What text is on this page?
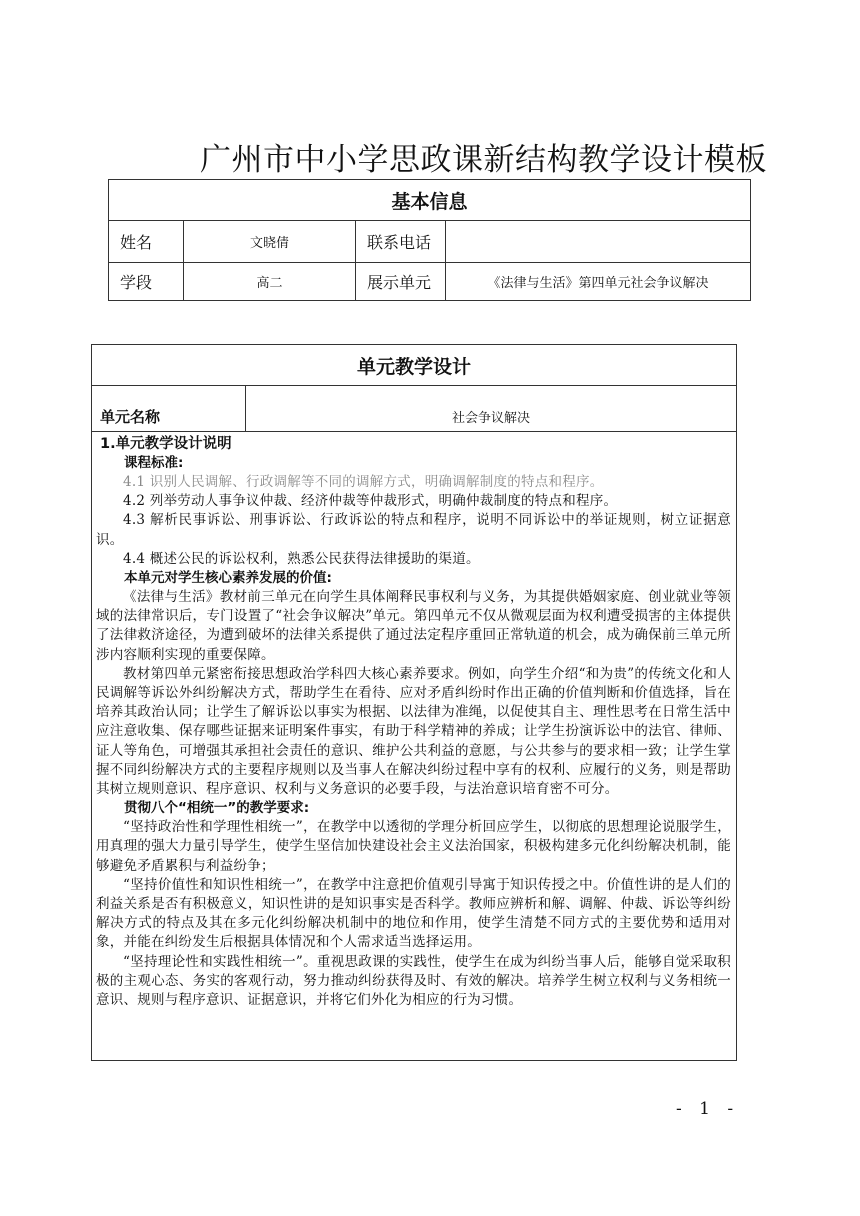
广州市中小学思政课新结构教学设计模板
基本信息			
姓名	文晓倩	联系电话	
学段	高二	展示单元	《法律与生活》第四单元社会争议解决
单元教学设计
单元名称	社会争议解决

1.单元教学设计说明
课程标准:

4.1 识别人民调解、行政调解等不同的调解方式，明确调解制度的特点和程序。

4.2 列举劳动人事争议仲裁、经济仲裁等仲裁形式，明确仲裁制度的特点和程序。

4.3 解析民事诉讼、刑事诉讼、行政诉讼的特点和程序，说明不同诉讼中的举证规则，树立证据意识。

4.4 概述公民的诉讼权利，熟悉公民获得法律援助的渠道。

本单元对学生核心素养发展的价值:

《法律与生活》教材前三单元在向学生具体阐释民事权利与义务，为其提供婚姻家庭、创业就业等领域的法律常识后，专门设置了“社会争议解决”单元。第四单元不仅从微观层面为权利遭受损害的主体提供了法律救济途径，为遭到破坏的法律关系提供了通过法定程序重回正常轨道的机会，成为确保前三单元所涉内容顺利实现的重要保障。

教材第四单元紧密衔接思想政治学科四大核心素养要求。例如，向学生介绍“和为贵”的传统文化和人民调解等诉讼外纠纷解决方式，帮助学生在看待、应对矛盾纠纷时作出正确的价值判断和价值选择，旨在培养其政治认同；让学生了解诉讼以事实为根据、以法律为准绳，以促使其自主、理性思考在日常生活中应注意收集、保存哪些证据来证明案件事实，有助于科学精神的养成；让学生扮演诉讼中的法官、律师、证人等角色，可增强其承担社会责任的意识、维护公共利益的意愿，与公共参与的要求相一致；让学生掌握不同纠纷解决方式的主要程序规则以及当事人在解决纠纷过程中享有的权利、应履行的义务，则是帮助其树立规则意识、程序意识、权利与义务意识的必要手段，与法治意识培育密不可分。

贯彻八个“相统一”的教学要求:

“坚持政治性和学理性相统一”，在教学中以透彻的学理分析回应学生，以彻底的思想理论说服学生，用真理的强大力量引导学生，使学生坚信加快建设社会主义法治国家，积极构建多元化纠纷解决机制，能够避免矛盾累积与利益纷争；

“坚持价值性和知识性相统一”，在教学中注意把价值观引导寓于知识传授之中。价值性讲的是人们的利益关系是否有积极意义，知识性讲的是知识事实是否科学。教师应辨析和解、调解、仲裁、诉讼等纠纷解决方式的特点及其在多元化纠纷解决机制中的地位和作用，使学生清楚不同方式的主要优势和适用对象，并能在纠纷发生后根据具体情况和个人需求适当选择运用。

“坚持理论性和实践性相统一”。重视思政课的实践性，使学生在成为纠纷当事人后，能够自觉采取积极的主观心态、务实的客观行动，努力推动纠纷获得及时、有效的解决。培养学生树立权利与义务相统一意识、规则与程序意识、证据意识，并将它们外化为相应的行为习惯。

- 1 -
